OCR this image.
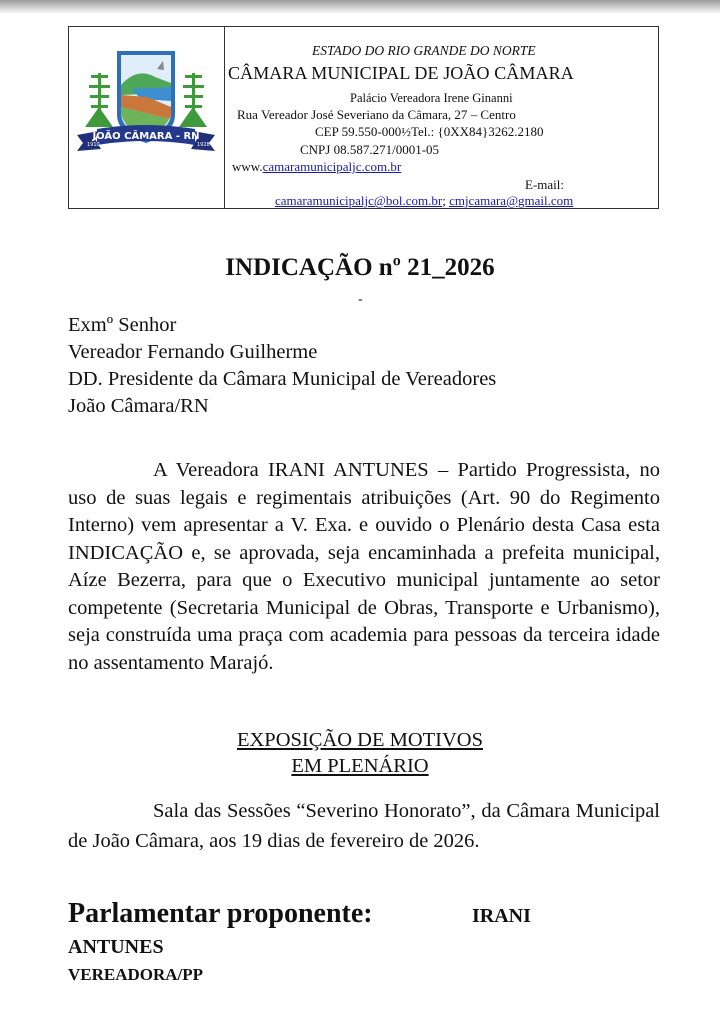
JOÃO CÂMARA - RN
1910	1928
ESTADO DO RIO GRANDE DO NORTE
CÂMARA MUNICIPAL DE JOÃO CÂMARA
Palácio Vereadora Irene Ginanni
Rua Vereador José Severiano da Câmara, 27 – Centro
CEP 59.550-000½Tel.: {0XX84}3262.2180
CNPJ 08.587.271/0001-05
www.camaramunicipaljc.com.br
E-mail:
camaramunicipaljc@bol.com.br; cmjcamara@gmail.com
INDICAÇÃO nº 21_2026
-
Exmº Senhor
Vereador Fernando Guilherme
DD. Presidente da Câmara Municipal de Vereadores
João Câmara/RN
A Vereadora IRANI ANTUNES – Partido Progressista, no uso de suas legais e regimentais atribuições (Art. 90 do Regimento Interno) vem apresentar a V. Exa. e ouvido o Plenário desta Casa esta INDICAÇÃO e, se aprovada, seja encaminhada a prefeita municipal, Aíze Bezerra, para que o Executivo municipal juntamente ao setor competente (Secretaria Municipal de Obras, Transporte e Urbanismo), seja construída uma praça com academia para pessoas da terceira idade no assentamento Marajó.
EXPOSIÇÃO DE MOTIVOS
EM PLENÁRIO
Sala das Sessões “Severino Honorato”, da Câmara Municipal de João Câmara, aos 19 dias de fevereiro de 2026.
Parlamentar proponente:	IRANI
ANTUNES
VEREADORA/PP
